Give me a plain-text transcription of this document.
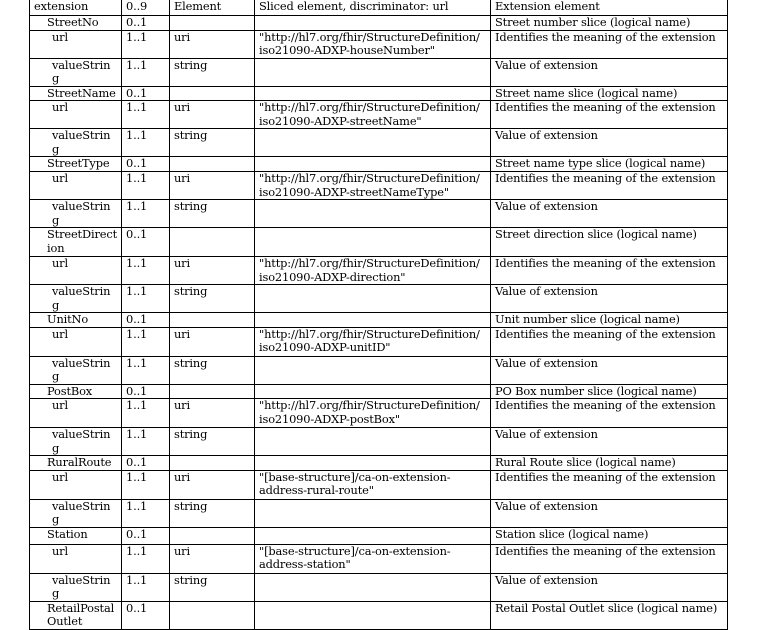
extension	0..9	Element	Sliced element, discriminator: url	Extension element
StreetNo	0..1			Street number slice (logical name)
url	1..1	uri	"http://hl7.org/fhir/StructureDefinition/ iso21090-ADXP-houseNumber"	Identifies the meaning of the extension
valueString	1..1	string		Value of extension
StreetName	0..1			Street name slice (logical name)
url	1..1	uri	"http://hl7.org/fhir/StructureDefinition/ iso21090-ADXP-streetName"	Identifies the meaning of the extension
valueString	1..1	string		Value of extension
StreetType	0..1			Street name type slice (logical name)
url	1..1	uri	"http://hl7.org/fhir/StructureDefinition/ iso21090-ADXP-streetNameType"	Identifies the meaning of the extension
valueString	1..1	string		Value of extension
StreetDirection	0..1			Street direction slice (logical name)
url	1..1	uri	"http://hl7.org/fhir/StructureDefinition/ iso21090-ADXP-direction"	Identifies the meaning of the extension
valueString	1..1	string		Value of extension
UnitNo	0..1			Unit number slice (logical name)
url	1..1	uri	"http://hl7.org/fhir/StructureDefinition/ iso21090-ADXP-unitID"	Identifies the meaning of the extension
valueString	1..1	string		Value of extension
PostBox	0..1			PO Box number slice (logical name)
url	1..1	uri	"http://hl7.org/fhir/StructureDefinition/ iso21090-ADXP-postBox"	Identifies the meaning of the extension
valueString	1..1	string		Value of extension
RuralRoute	0..1			Rural Route slice (logical name)
url	1..1	uri	"[base-structure]/ca-on-extension-address-rural-route"	Identifies the meaning of the extension
valueString	1..1	string		Value of extension
Station	0..1			Station slice (logical name)
url	1..1	uri	"[base-structure]/ca-on-extension-address-station"	Identifies the meaning of the extension
valueString	1..1	string		Value of extension
RetailPostalOutlet	0..1			Retail Postal Outlet slice (logical name)
